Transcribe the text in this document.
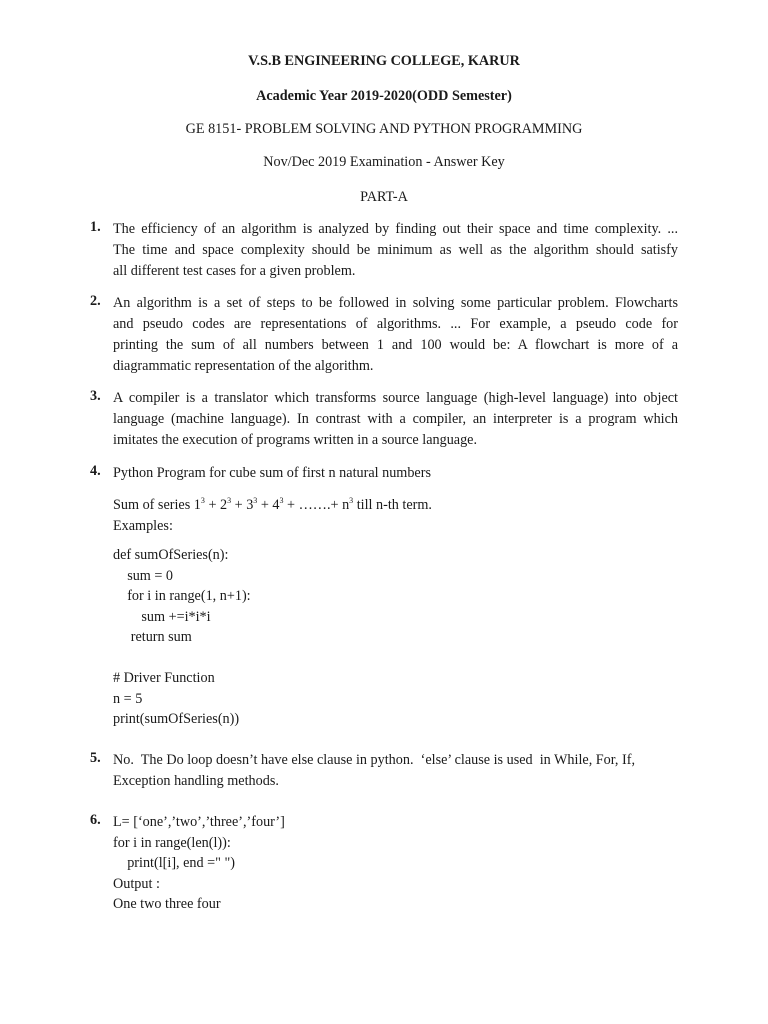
V.S.B ENGINEERING COLLEGE, KARUR
Academic Year 2019-2020(ODD Semester)
GE 8151- PROBLEM SOLVING AND PYTHON PROGRAMMING
Nov/Dec 2019 Examination - Answer Key
PART-A
1. The efficiency of an algorithm is analyzed by finding out their space and time complexity. ...
The time and space complexity should be minimum as well as the algorithm should satisfy
all different test cases for a given problem.
2. An algorithm is a set of steps to be followed in solving some particular problem. Flowcharts
and pseudo codes are representations of algorithms. ... For example, a pseudo code for
printing the sum of all numbers between 1 and 100 would be: A flowchart is more of a
diagrammatic representation of the algorithm.
3. A compiler is a translator which transforms source language (high-level language) into object
language (machine language). In contrast with a compiler, an interpreter is a program which
imitates the execution of programs written in a source language.
4. Python Program for cube sum of first n natural numbers
Sum of series $1^3 + 2^3 + 3^3 + 4^3$ + …….+ $n^3$ till n-th term.
Examples:
def sumOfSeries(n):
sum = 0
for i in range(1, n+1):
sum +=i*i*i
return sum

# Driver Function
n = 5
print(sumOfSeries(n))
5. No.  The Do loop doesn’t have else clause in python.  ‘else’ clause is used  in While, For, If,
Exception handling methods.
6. L= [‘one’,’two’,’three’,’four’]
for i in range(len(l)):
print(l[i], end =" ")
Output :
One two three four
